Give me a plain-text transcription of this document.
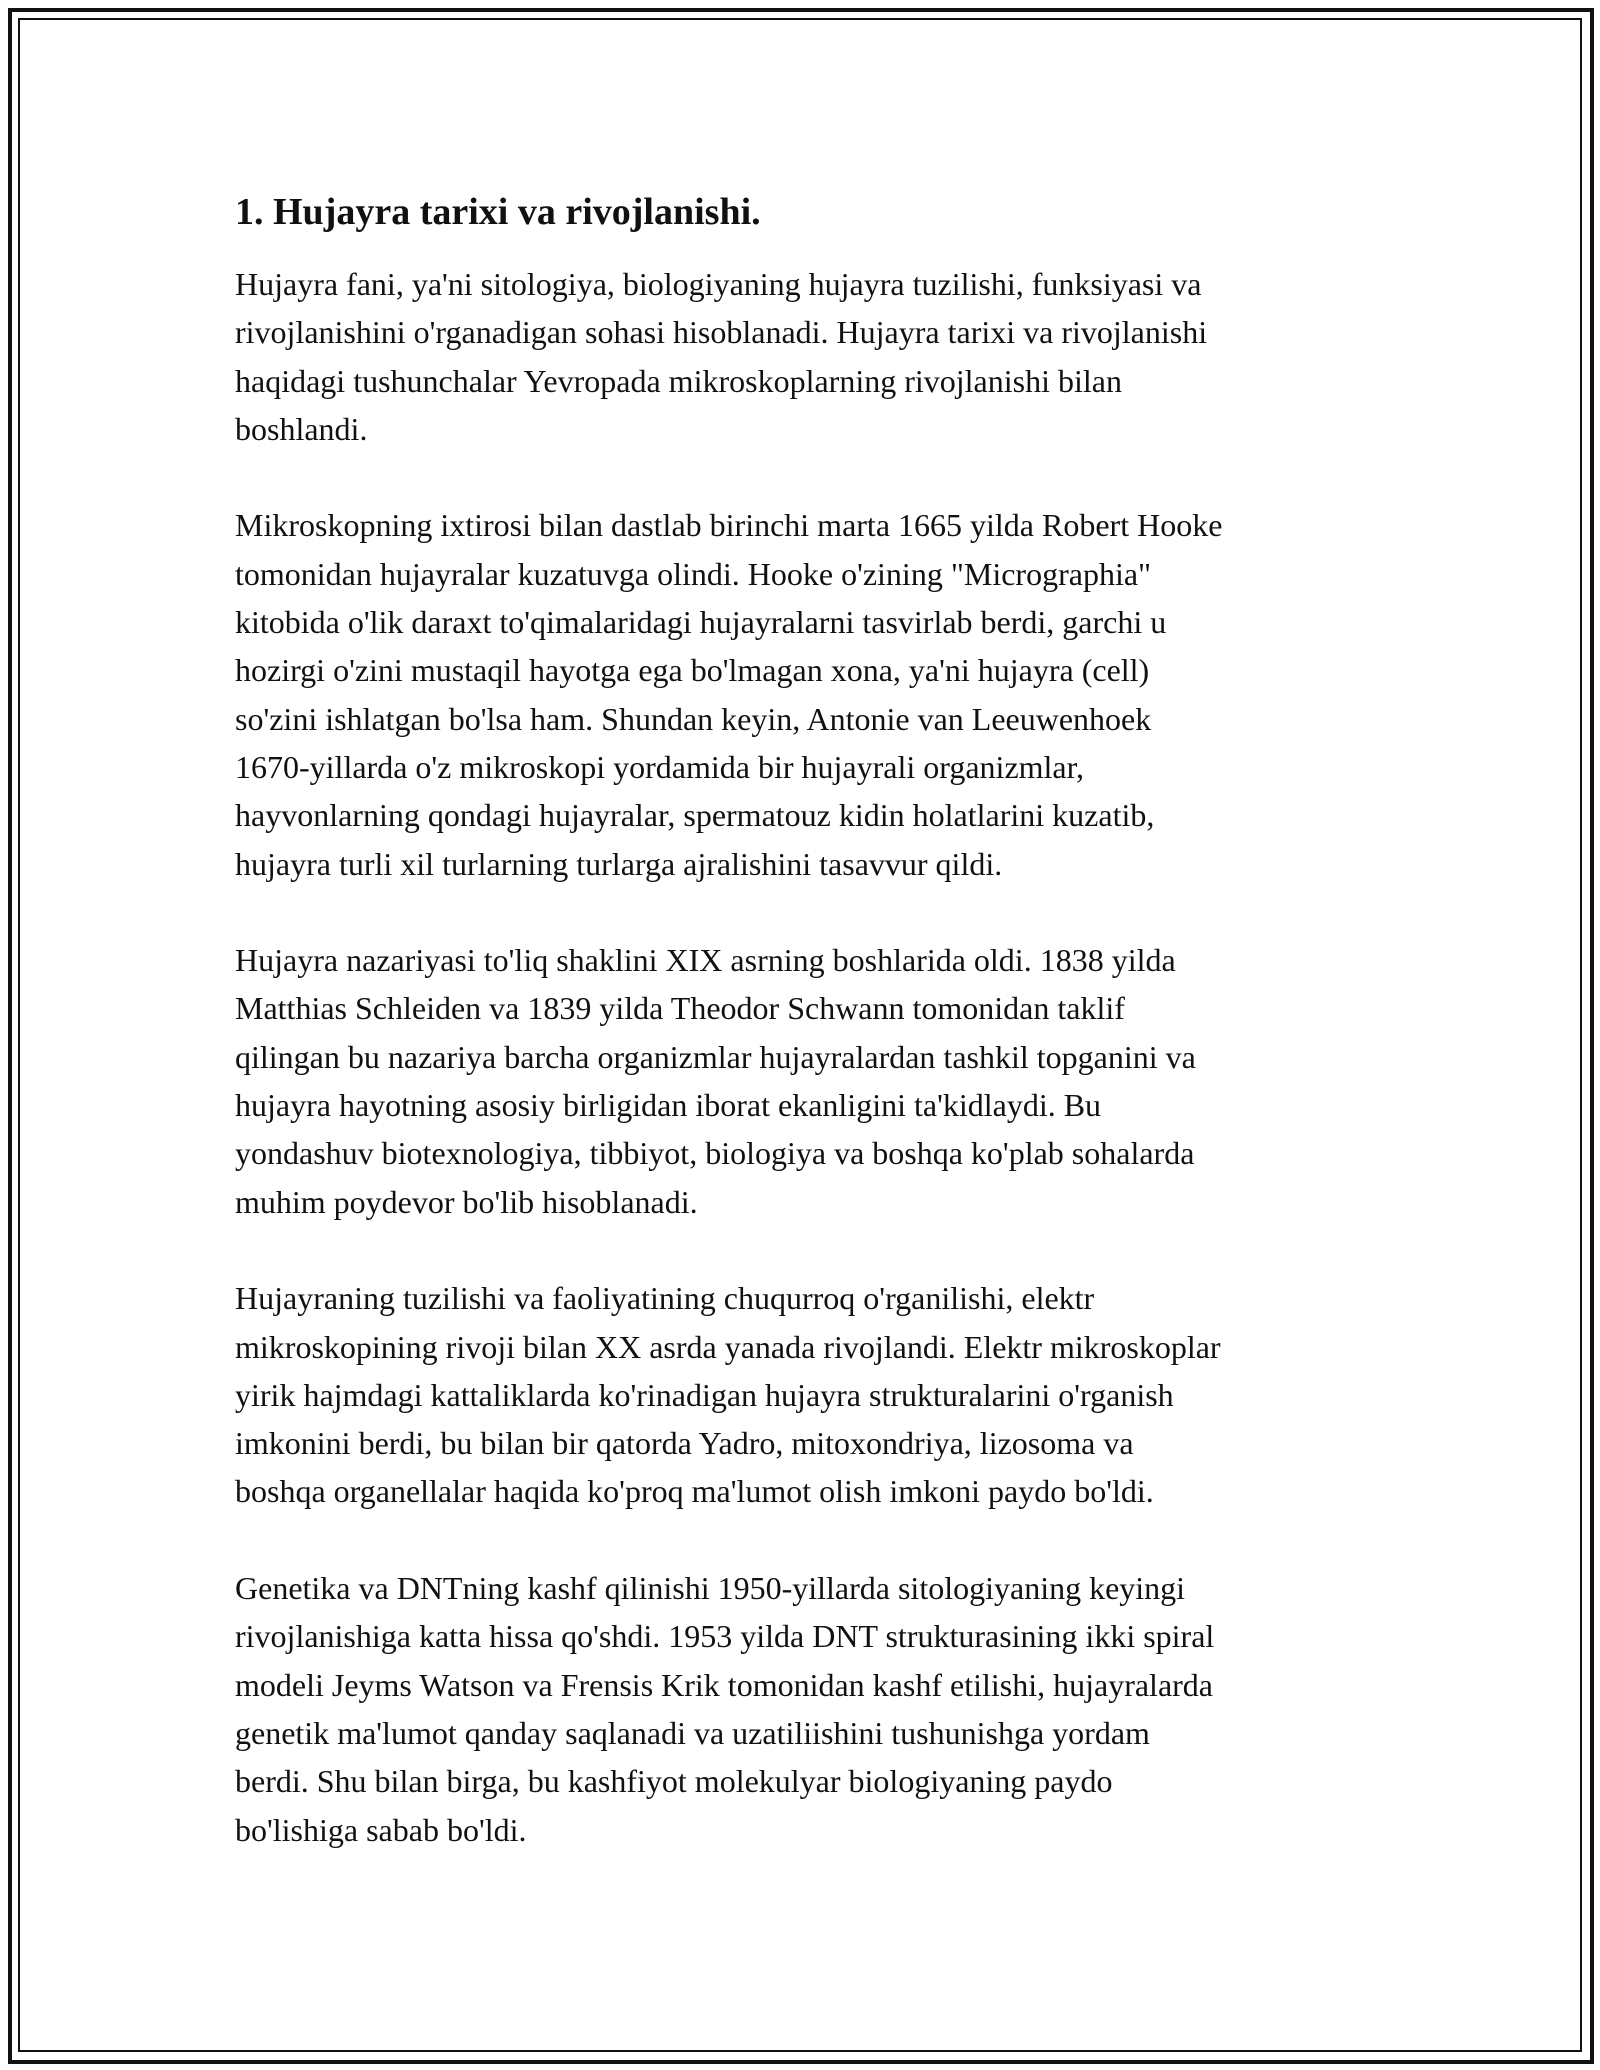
1. Hujayra tarixi va rivojlanishi.

Hujayra fani, ya'ni sitologiya, biologiyaning hujayra tuzilishi, funksiyasi va
rivojlanishini o'rganadigan sohasi hisoblanadi. Hujayra tarixi va rivojlanishi
haqidagi tushunchalar Yevropada mikroskoplarning rivojlanishi bilan
boshlandi.

Mikroskopning ixtirosi bilan dastlab birinchi marta 1665 yilda Robert Hooke
tomonidan hujayralar kuzatuvga olindi. Hooke o'zining "Micrographia"
kitobida o'lik daraxt to'qimalaridagi hujayralarni tasvirlab berdi, garchi u
hozirgi o'zini mustaqil hayotga ega bo'lmagan xona, ya'ni hujayra (cell)
so'zini ishlatgan bo'lsa ham. Shundan keyin, Antonie van Leeuwenhoek
1670-yillarda o'z mikroskopi yordamida bir hujayrali organizmlar,
hayvonlarning qondagi hujayralar, spermatouz kidin holatlarini kuzatib,
hujayra turli xil turlarning turlarga ajralishini tasavvur qildi.

Hujayra nazariyasi to'liq shaklini XIX asrning boshlarida oldi. 1838 yilda
Matthias Schleiden va 1839 yilda Theodor Schwann tomonidan taklif
qilingan bu nazariya barcha organizmlar hujayralardan tashkil topganini va
hujayra hayotning asosiy birligidan iborat ekanligini ta'kidlaydi. Bu
yondashuv biotexnologiya, tibbiyot, biologiya va boshqa ko'plab sohalarda
muhim poydevor bo'lib hisoblanadi.

Hujayraning tuzilishi va faoliyatining chuqurroq o'rganilishi, elektr
mikroskopining rivoji bilan XX asrda yanada rivojlandi. Elektr mikroskoplar
yirik hajmdagi kattaliklarda ko'rinadigan hujayra strukturalarini o'rganish
imkonini berdi, bu bilan bir qatorda Yadro, mitoxondriya, lizosoma va
boshqa organellalar haqida ko'proq ma'lumot olish imkoni paydo bo'ldi.

Genetika va DNTning kashf qilinishi 1950-yillarda sitologiyaning keyingi
rivojlanishiga katta hissa qo'shdi. 1953 yilda DNT strukturasining ikki spiral
modeli Jeyms Watson va Frensis Krik tomonidan kashf etilishi, hujayralarda
genetik ma'lumot qanday saqlanadi va uzatiliishini tushunishga yordam
berdi. Shu bilan birga, bu kashfiyot molekulyar biologiyaning paydo
bo'lishiga sabab bo'ldi.
